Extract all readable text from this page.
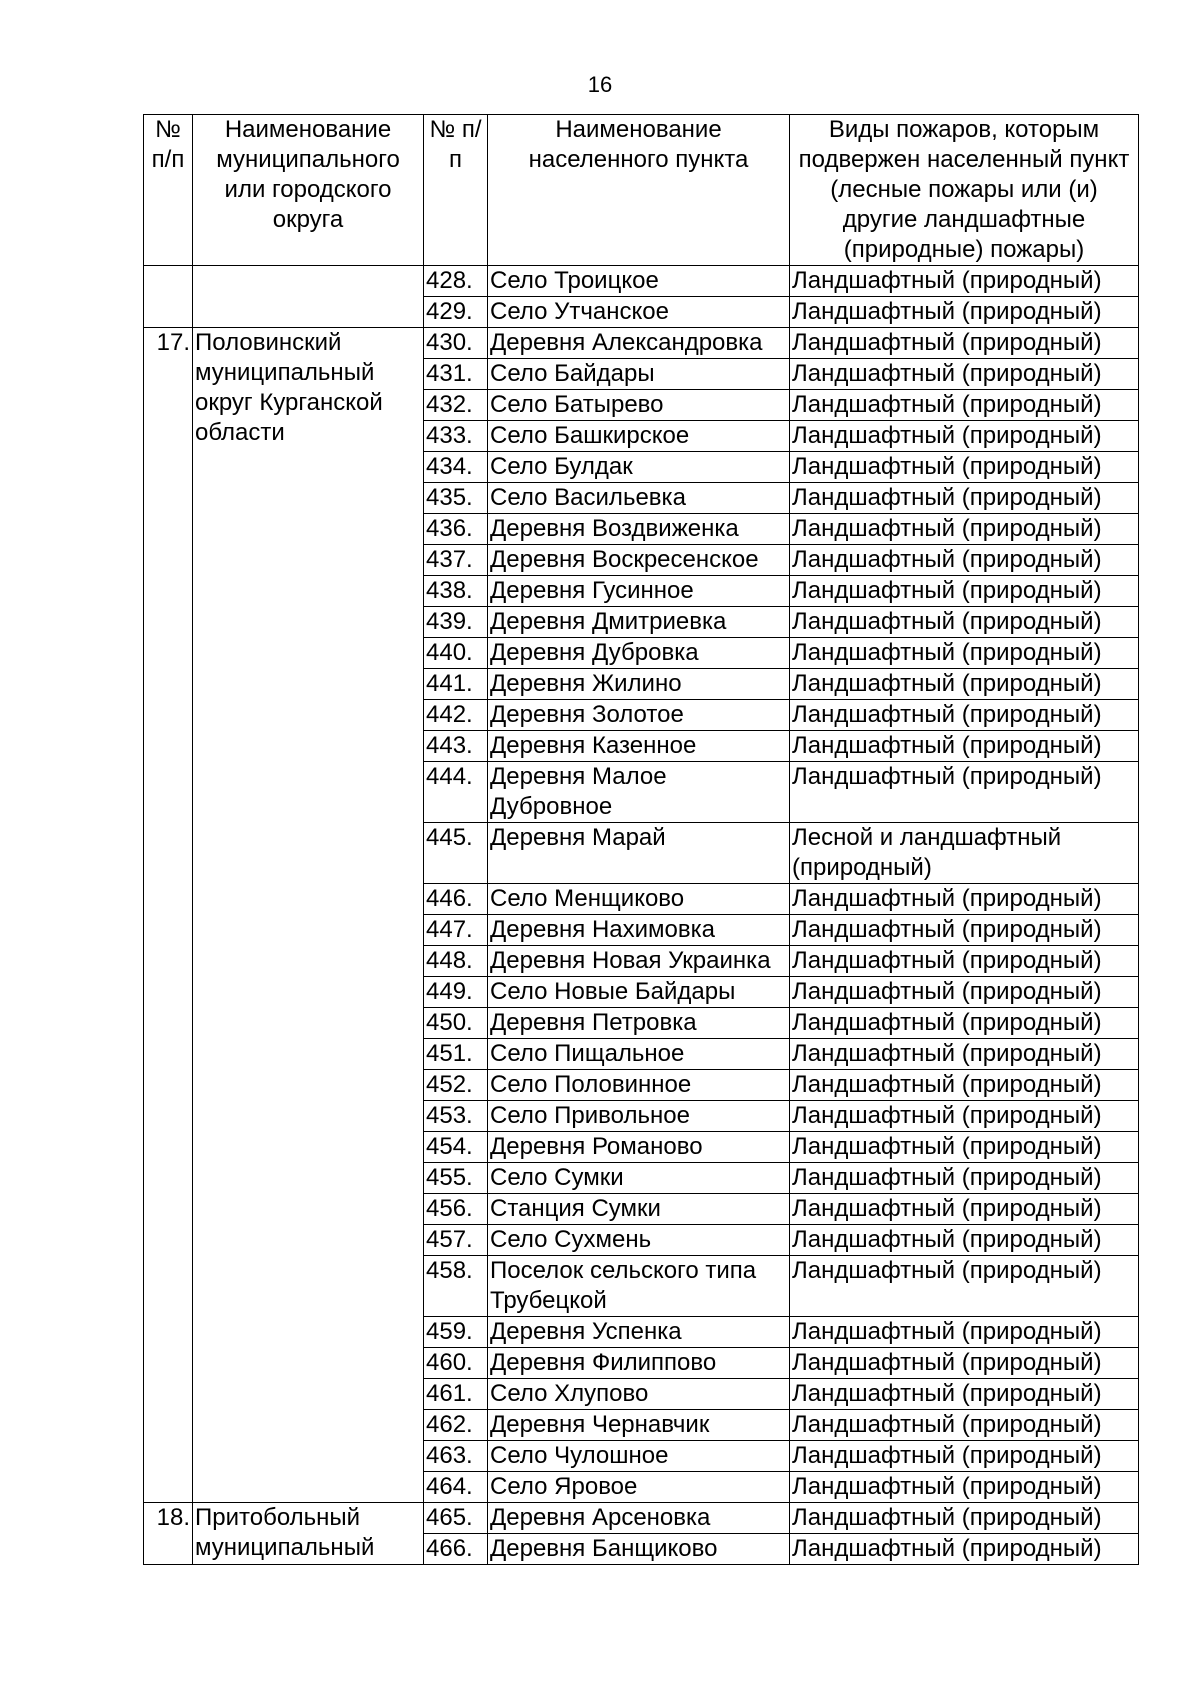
16
№ п/п	Наименование муниципального или городского округа	№ п/п	Наименование населенного пункта	Виды пожаров, которым подвержен населенный пункт (лесные пожары или (и) другие ландшафтные (природные) пожары)
		428.	Село Троицкое	Ландшафтный (природный)
		429.	Село Утчанское	Ландшафтный (природный)
17.	Половинский муниципальный округ Курганской области	430.	Деревня Александровка	Ландшафтный (природный)
		431.	Село Байдары	Ландшафтный (природный)
		432.	Село Батырево	Ландшафтный (природный)
		433.	Село Башкирское	Ландшафтный (природный)
		434.	Село Булдак	Ландшафтный (природный)
		435.	Село Васильевка	Ландшафтный (природный)
		436.	Деревня Воздвиженка	Ландшафтный (природный)
		437.	Деревня Воскресенское	Ландшафтный (природный)
		438.	Деревня Гусинное	Ландшафтный (природный)
		439.	Деревня Дмитриевка	Ландшафтный (природный)
		440.	Деревня Дубровка	Ландшафтный (природный)
		441.	Деревня Жилино	Ландшафтный (природный)
		442.	Деревня Золотое	Ландшафтный (природный)
		443.	Деревня Казенное	Ландшафтный (природный)
		444.	Деревня Малое Дубровное	Ландшафтный (природный)
		445.	Деревня Марай	Лесной и ландшафтный (природный)
		446.	Село Менщиково	Ландшафтный (природный)
		447.	Деревня Нахимовка	Ландшафтный (природный)
		448.	Деревня Новая Украинка	Ландшафтный (природный)
		449.	Село Новые Байдары	Ландшафтный (природный)
		450.	Деревня Петровка	Ландшафтный (природный)
		451.	Село Пищальное	Ландшафтный (природный)
		452.	Село Половинное	Ландшафтный (природный)
		453.	Село Привольное	Ландшафтный (природный)
		454.	Деревня Романово	Ландшафтный (природный)
		455.	Село Сумки	Ландшафтный (природный)
		456.	Станция Сумки	Ландшафтный (природный)
		457.	Село Сухмень	Ландшафтный (природный)
		458.	Поселок сельского типа Трубецкой	Ландшафтный (природный)
		459.	Деревня Успенка	Ландшафтный (природный)
		460.	Деревня Филиппово	Ландшафтный (природный)
		461.	Село Хлупово	Ландшафтный (природный)
		462.	Деревня Чернавчик	Ландшафтный (природный)
		463.	Село Чулошное	Ландшафтный (природный)
		464.	Село Яровое	Ландшафтный (природный)
18.	Притобольный муниципальный	465.	Деревня Арсеновка	Ландшафтный (природный)
		466.	Деревня Банщиково	Ландшафтный (природный)
